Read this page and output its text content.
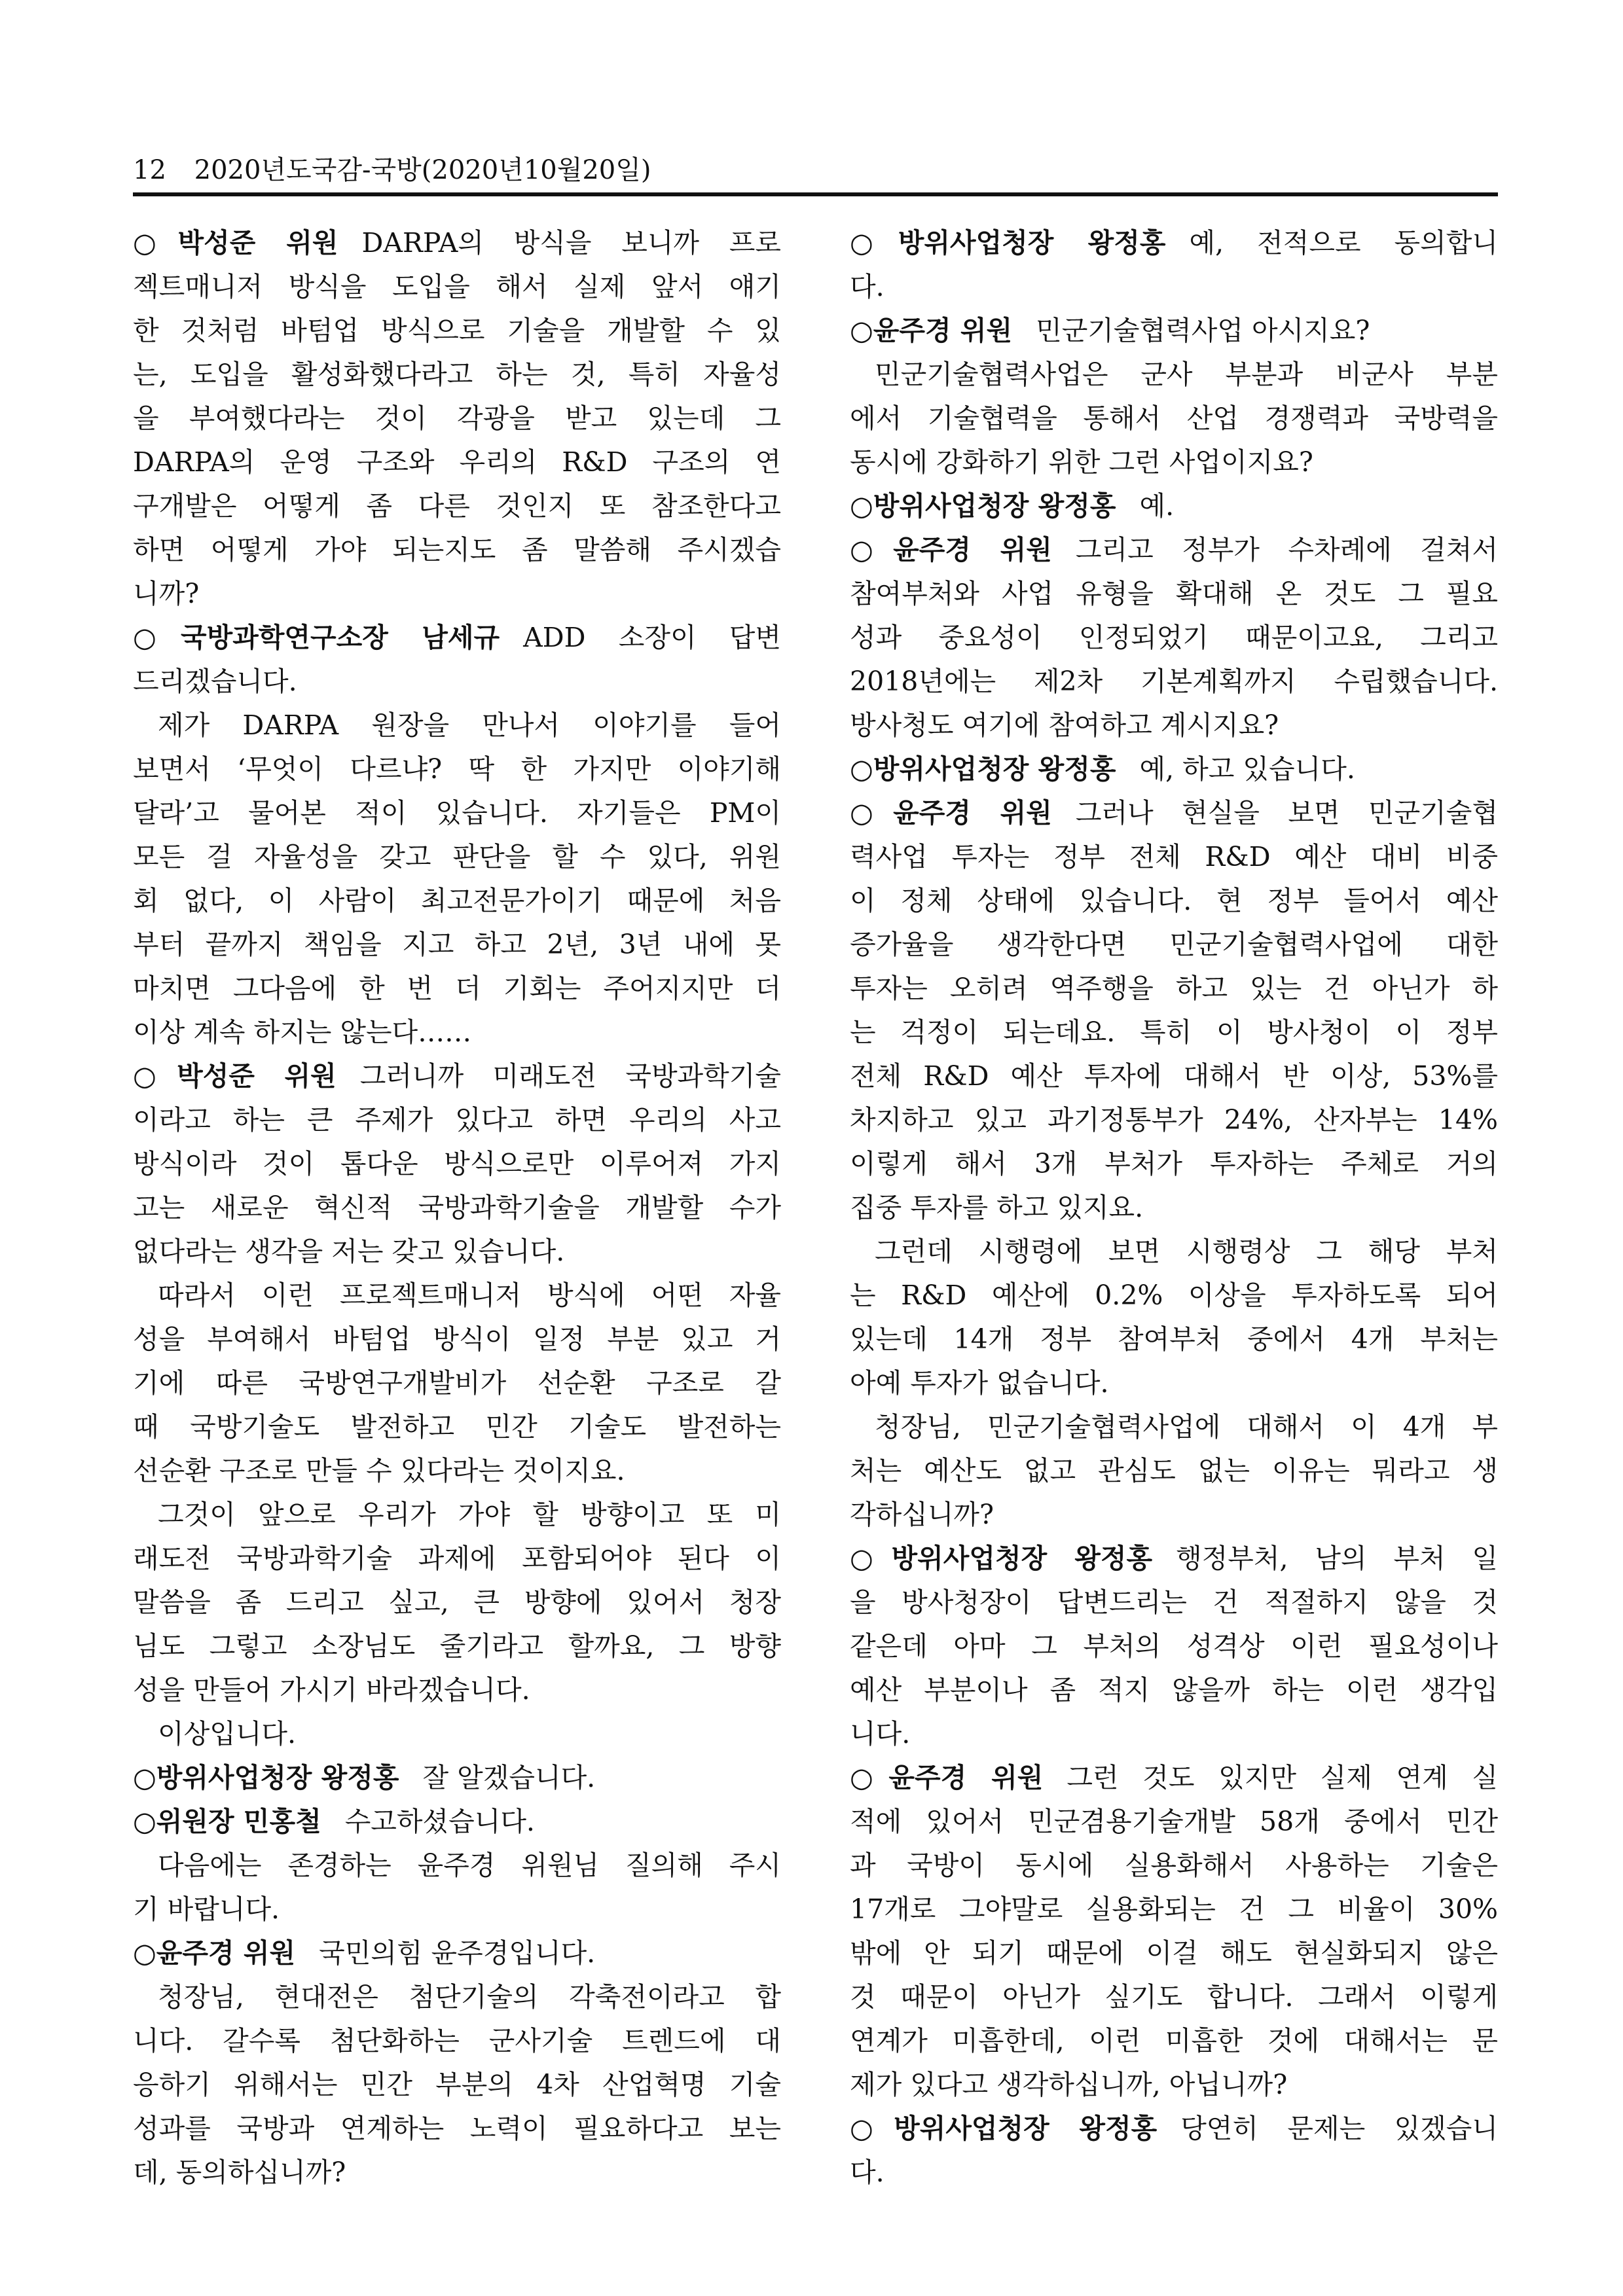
12 2020년도국감-국방(2020년10월20일)
○박성준 위원 DARPA의 방식을 보니까 프로
젝트매니저 방식을 도입을 해서 실제 앞서 얘기
한 것처럼 바텀업 방식으로 기술을 개발할 수 있
는, 도입을 활성화했다라고 하는 것, 특히 자율성
을 부여했다라는 것이 각광을 받고 있는데 그
DARPA의 운영 구조와 우리의 R&D 구조의 연
구개발은 어떻게 좀 다른 것인지 또 참조한다고
하면 어떻게 가야 되는지도 좀 말씀해 주시겠습
니까?
○국방과학연구소장 남세규 ADD 소장이 답변
드리겠습니다.
제가 DARPA 원장을 만나서 이야기를 들어
보면서 ‘무엇이 다르냐? 딱 한 가지만 이야기해
달라’고 물어본 적이 있습니다. 자기들은 PM이
모든 걸 자율성을 갖고 판단을 할 수 있다, 위원
회 없다, 이 사람이 최고전문가이기 때문에 처음
부터 끝까지 책임을 지고 하고 2년, 3년 내에 못
마치면 그다음에 한 번 더 기회는 주어지지만 더
이상 계속 하지는 않는다……
○박성준 위원 그러니까 미래도전 국방과학기술
이라고 하는 큰 주제가 있다고 하면 우리의 사고
방식이라 것이 톱다운 방식으로만 이루어져 가지
고는 새로운 혁신적 국방과학기술을 개발할 수가
없다라는 생각을 저는 갖고 있습니다.
따라서 이런 프로젝트매니저 방식에 어떤 자율
성을 부여해서 바텀업 방식이 일정 부분 있고 거
기에 따른 국방연구개발비가 선순환 구조로 갈
때 국방기술도 발전하고 민간 기술도 발전하는
선순환 구조로 만들 수 있다라는 것이지요.
그것이 앞으로 우리가 가야 할 방향이고 또 미
래도전 국방과학기술 과제에 포함되어야 된다 이
말씀을 좀 드리고 싶고, 큰 방향에 있어서 청장
님도 그렇고 소장님도 줄기라고 할까요, 그 방향
성을 만들어 가시기 바라겠습니다.
이상입니다.
○방위사업청장 왕정홍 잘 알겠습니다.
○위원장 민홍철 수고하셨습니다.
다음에는 존경하는 윤주경 위원님 질의해 주시
기 바랍니다.
○윤주경 위원 국민의힘 윤주경입니다.
청장님, 현대전은 첨단기술의 각축전이라고 합
니다. 갈수록 첨단화하는 군사기술 트렌드에 대
응하기 위해서는 민간 부분의 4차 산업혁명 기술
성과를 국방과 연계하는 노력이 필요하다고 보는
데, 동의하십니까?
○방위사업청장 왕정홍 예, 전적으로 동의합니
다.
○윤주경 위원 민군기술협력사업 아시지요?
민군기술협력사업은 군사 부분과 비군사 부분
에서 기술협력을 통해서 산업 경쟁력과 국방력을
동시에 강화하기 위한 그런 사업이지요?
○방위사업청장 왕정홍 예.
○윤주경 위원 그리고 정부가 수차례에 걸쳐서
참여부처와 사업 유형을 확대해 온 것도 그 필요
성과 중요성이 인정되었기 때문이고요, 그리고
2018년에는 제2차 기본계획까지 수립했습니다.
방사청도 여기에 참여하고 계시지요?
○방위사업청장 왕정홍 예, 하고 있습니다.
○윤주경 위원 그러나 현실을 보면 민군기술협
력사업 투자는 정부 전체 R&D 예산 대비 비중
이 정체 상태에 있습니다. 현 정부 들어서 예산
증가율을 생각한다면 민군기술협력사업에 대한
투자는 오히려 역주행을 하고 있는 건 아닌가 하
는 걱정이 되는데요. 특히 이 방사청이 이 정부
전체 R&D 예산 투자에 대해서 반 이상, 53%를
차지하고 있고 과기정통부가 24%, 산자부는 14%
이렇게 해서 3개 부처가 투자하는 주체로 거의
집중 투자를 하고 있지요.
그런데 시행령에 보면 시행령상 그 해당 부처
는 R&D 예산에 0.2% 이상을 투자하도록 되어
있는데 14개 정부 참여부처 중에서 4개 부처는
아예 투자가 없습니다.
청장님, 민군기술협력사업에 대해서 이 4개 부
처는 예산도 없고 관심도 없는 이유는 뭐라고 생
각하십니까?
○방위사업청장 왕정홍 행정부처, 남의 부처 일
을 방사청장이 답변드리는 건 적절하지 않을 것
같은데 아마 그 부처의 성격상 이런 필요성이나
예산 부분이나 좀 적지 않을까 하는 이런 생각입
니다.
○윤주경 위원 그런 것도 있지만 실제 연계 실
적에 있어서 민군겸용기술개발 58개 중에서 민간
과 국방이 동시에 실용화해서 사용하는 기술은
17개로 그야말로 실용화되는 건 그 비율이 30%
밖에 안 되기 때문에 이걸 해도 현실화되지 않은
것 때문이 아닌가 싶기도 합니다. 그래서 이렇게
연계가 미흡한데, 이런 미흡한 것에 대해서는 문
제가 있다고 생각하십니까, 아닙니까?
○방위사업청장 왕정홍 당연히 문제는 있겠습니
다.
